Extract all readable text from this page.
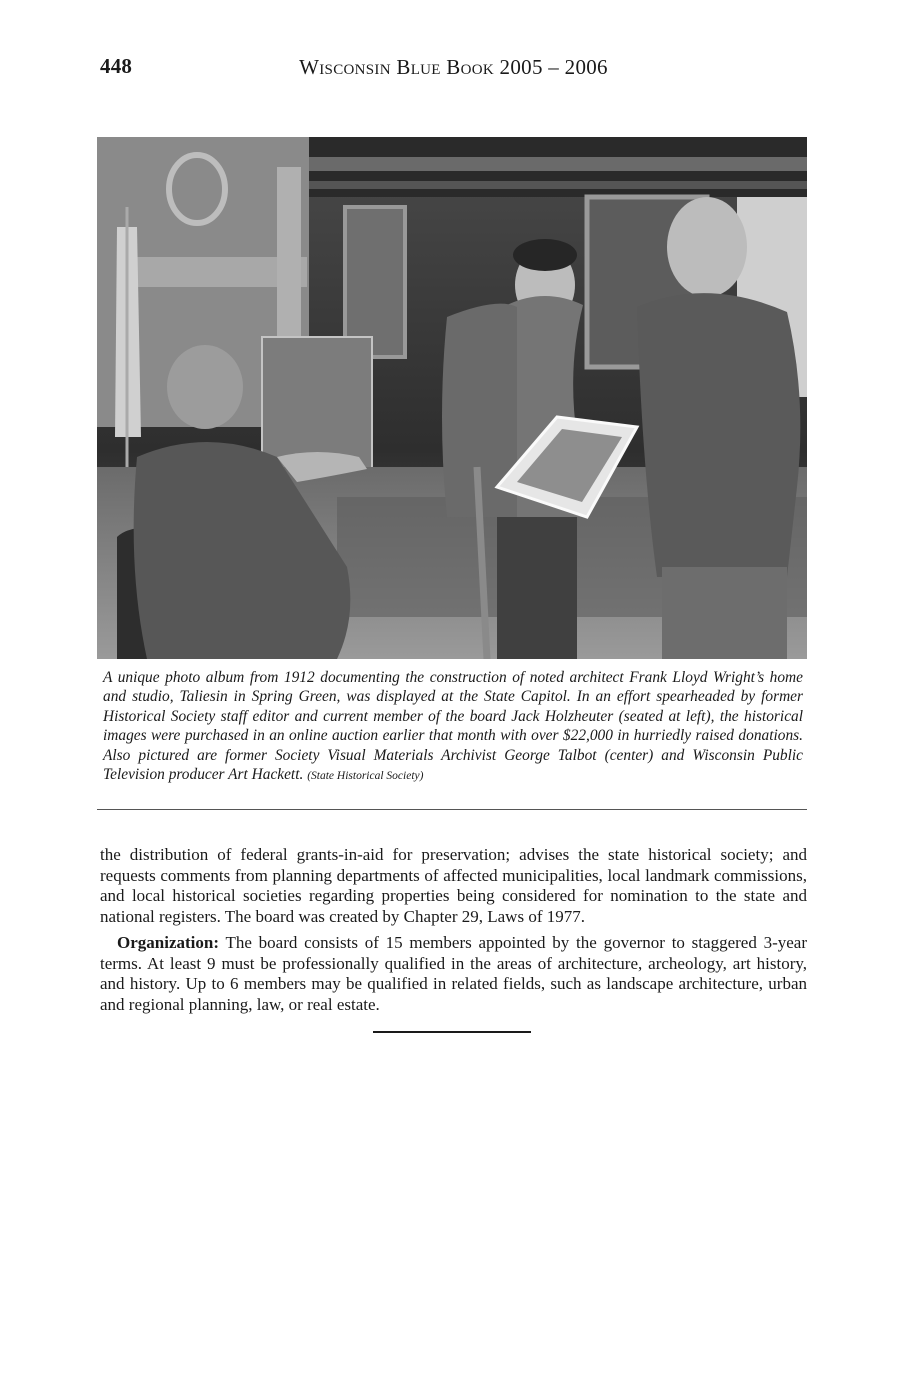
448	Wisconsin Blue Book 2005 – 2006
A unique photo album from 1912 documenting the construction of noted architect Frank Lloyd Wright’s home and studio, Taliesin in Spring Green, was displayed at the State Capitol. In an effort spearheaded by former Historical Society staff editor and current member of the board Jack Holzheuter (seated at left), the historical images were purchased in an online auction earlier that month with over $22,000 in hurriedly raised donations. Also pictured are former Society Visual Materials Archivist George Talbot (center) and Wisconsin Public Television producer Art Hackett. (State Historical Society)

the distribution of federal grants-in-aid for preservation; advises the state historical society; and requests comments from planning departments of affected municipalities, local landmark commissions, and local historical societies regarding properties being considered for nomination to the state and national registers. The board was created by Chapter 29, Laws of 1977.

Organization: The board consists of 15 members appointed by the governor to staggered 3-year terms. At least 9 must be professionally qualified in the areas of architecture, archeology, art history, and history. Up to 6 members may be qualified in related fields, such as landscape architecture, urban and regional planning, law, or real estate.
